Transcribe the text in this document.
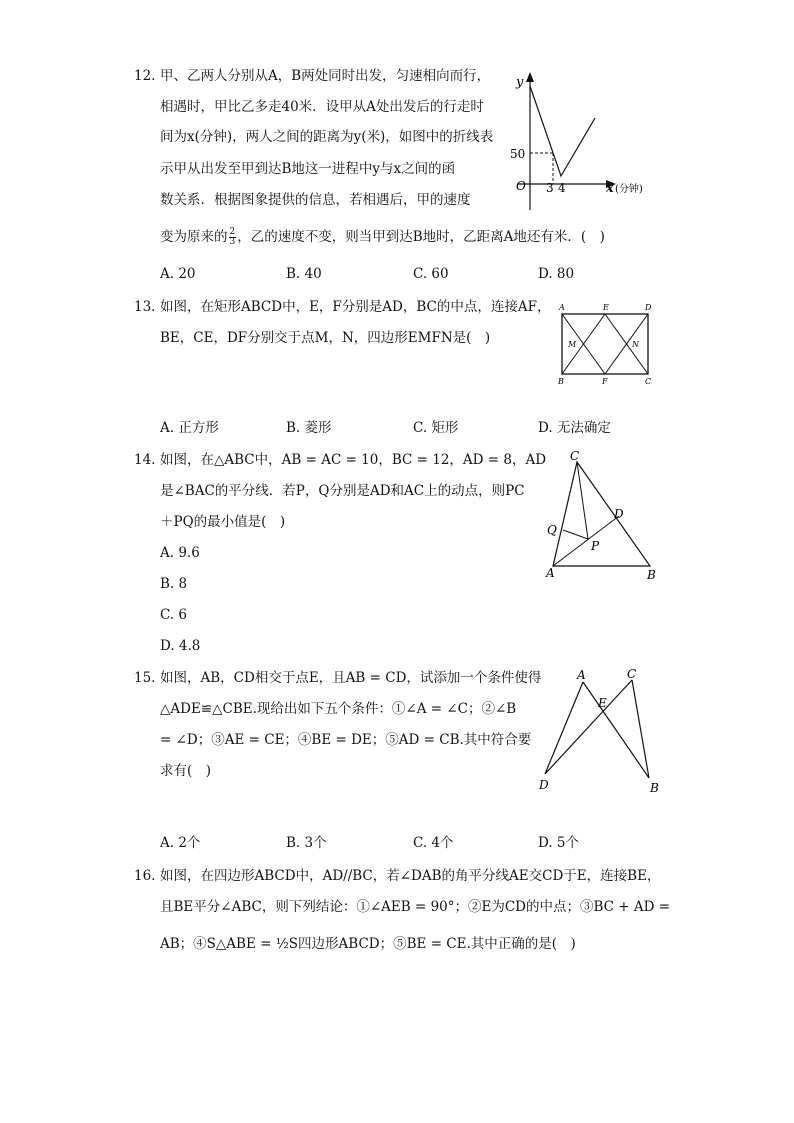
12. 甲、乙两人分别从A，B两处同时出发，匀速相向而行，
相遇时，甲比乙多走40米．设甲从A处出发后的行走时
间为x(分钟)，两人之间的距离为y(米)，如图中的折线表
示甲从出发至甲到达B地这一进程中y与x之间的函
数关系．根据图象提供的信息，若相遇后，甲的速度
变为原来的 $\frac{2}{3}$ ，乙的速度不变，则当甲到达B地时，乙距离A地还有米．(　)
A. 20	B. 40	C. 60	D. 80
y
O
50
3 4	x (分钟)
13. 如图，在矩形ABCD中，E，F分别是AD，BC的中点，连接AF，
BE，CE，DF分别交于点M，N，四边形EMFN是(　)
A. 正方形	B. 菱形	C. 矩形	D. 无法确定
A	E	D
M	N
B	F	C
14. 如图，在△ABC中，AB = AC = 10，BC = 12，AD = 8，AD
是∠BAC的平分线．若P，Q分别是AD和AC上的动点，则PC
＋PQ的最小值是(　)
A. 9.6
B. 8
C. 6
D. 4.8
C
D
Q
P
A	B
15. 如图，AB，CD相交于点E，且AB = CD，试添加一个条件使得
△ADE≌△CBE.现给出如下五个条件：①∠A = ∠C；②∠B
= ∠D；③AE = CE；④BE = DE；⑤AD = CB.其中符合要
求有(　)
A. 2个	B. 3个	C. 4个	D. 5个
A	C
E
D	B
16. 如图，在四边形ABCD中，AD//BC，若∠DAB的角平分线AE交CD于E，连接BE，
且BE平分∠ABC，则下列结论：①∠AEB = 90°；②E为CD的中点；③BC + AD =
AB；④S△ABE = ½S四边形ABCD；⑤BE = CE.其中正确的是(　)
